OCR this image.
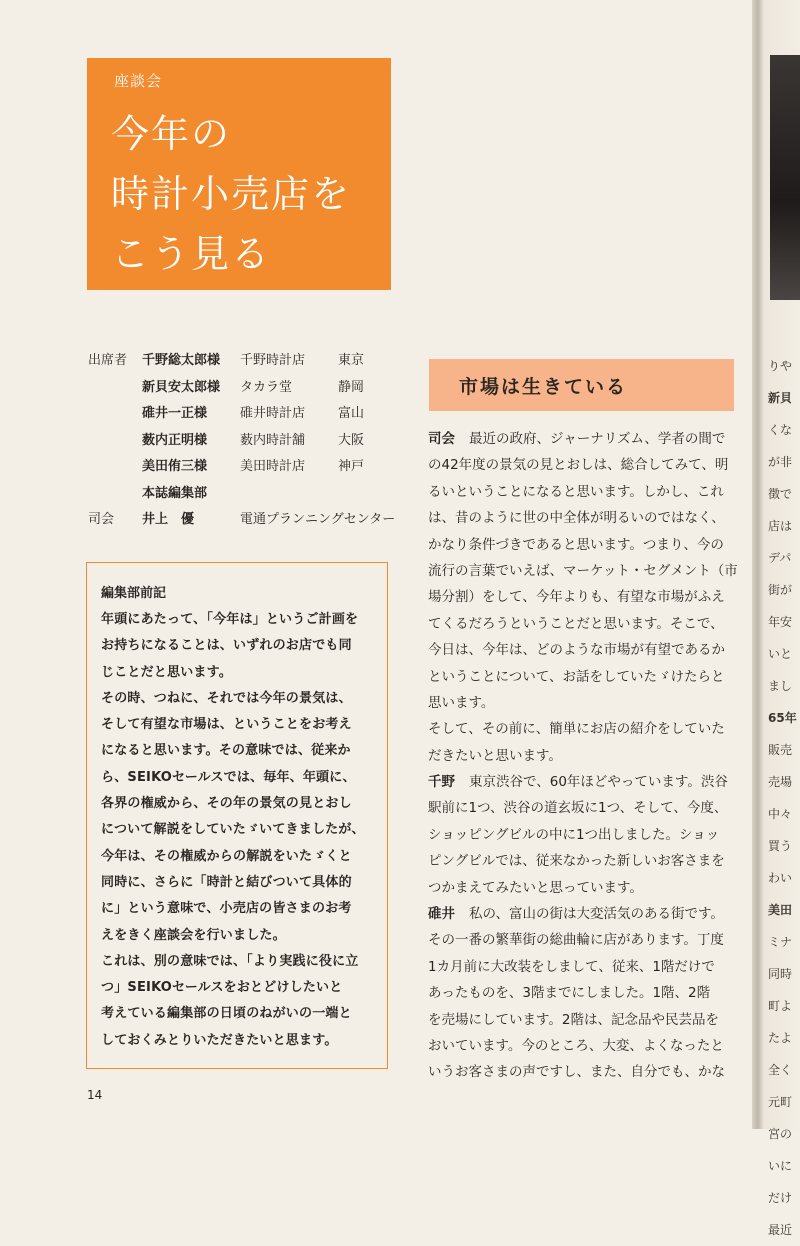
りや
新貝
くな
が非
徴で
店は
デパ
街が
年安
いと
まし
65年
販売
売場
中々
買う
わい
美田
ミナ
同時
町よ
たよ
全く
元町
宮の
いに
だけ
最近
座談会
今年の
時計小売店を
こう見る
出席者	千野総太郎様	千野時計店	東京
新貝安太郎様	タカラ堂	静岡
碓井一正様	碓井時計店	富山
薮内正明様	薮内時計舗	大阪
美田侑三様	美田時計店	神戸
本誌編集部
司会	井上　優	電通プランニングセンター
編集部前記
年頭にあたって、「今年は」というご計画を
お持ちになることは、いずれのお店でも同
じことだと思います。
その時、つねに、それでは今年の景気は、
そして有望な市場は、ということをお考え
になると思います。その意味では、従来か
ら、SEIKOセールスでは、毎年、年頭に、
各界の権威から、その年の景気の見とおし
について解説をしていたゞいてきましたが、
今年は、その権威からの解説をいたゞくと
同時に、さらに「時計と結びついて具体的
に」という意味で、小売店の皆さまのお考
えをきく座談会を行いました。
これは、別の意味では、「より実践に役に立
つ」SEIKOセールスをおとどけしたいと
考えている編集部の日頃のねがいの一端と
しておくみとりいただきたいと思ます。
市場は生きている
司会 最近の政府、ジャーナリズム、学者の間で
の42年度の景気の見とおしは、総合してみて、明
るいということになると思います。しかし、これ
は、昔のように世の中全体が明るいのではなく、
かなり条件づきであると思います。つまり、今の
流行の言葉でいえば、マーケット・セグメント（市
場分割）をして、今年よりも、有望な市場がふえ
てくるだろうということだと思います。そこで、
今日は、今年は、どのような市場が有望であるか
ということについて、お話をしていたゞけたらと
思います。
そして、その前に、簡単にお店の紹介をしていた
だきたいと思います。
千野 東京渋谷で、60年ほどやっています。渋谷
駅前に1つ、渋谷の道玄坂に1つ、そして、今度、
ショッピングビルの中に1つ出しました。ショッ
ピングビルでは、従来なかった新しいお客さまを
つかまえてみたいと思っています。
碓井 私の、富山の街は大変活気のある街です。
その一番の繁華街の総曲輪に店があります。丁度
1カ月前に大改装をしまして、従来、1階だけで
あったものを、3階までにしました。1階、2階
を売場にしています。2階は、記念品や民芸品を
おいています。今のところ、大変、よくなったと
いうお客さまの声ですし、また、自分でも、かな
14
